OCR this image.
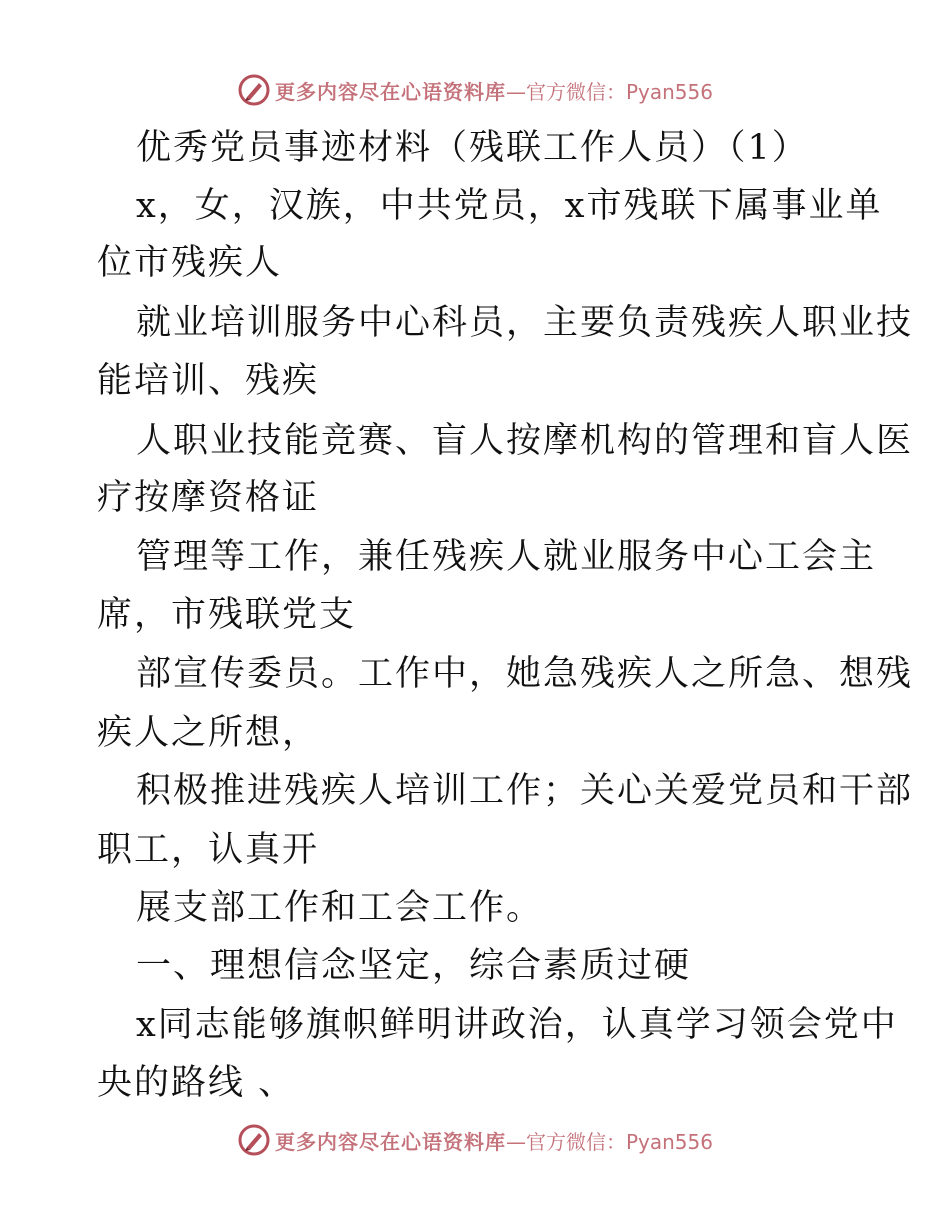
更多内容尽在心语资料库 —官方微信：Pyan556
优秀党员事迹材料（残联工作人员）（1）
x，女，汉族，中共党员，x市残联下属事业单
位市残疾人
就业培训服务中心科员，主要负责残疾人职业技
能培训、残疾
人职业技能竞赛、盲人按摩机构的管理和盲人医
疗按摩资格证
管理等工作，兼任残疾人就业服务中心工会主
席，市残联党支
部宣传委员。工作中，她急残疾人之所急、想残
疾人之所想，
积极推进残疾人培训工作；关心关爱党员和干部
职工，认真开
展支部工作和工会工作。
一、理想信念坚定，综合素质过硬
x同志能够旗帜鲜明讲政治，认真学习领会党中
央的路线 、
更多内容尽在心语资料库 —官方微信：Pyan556
